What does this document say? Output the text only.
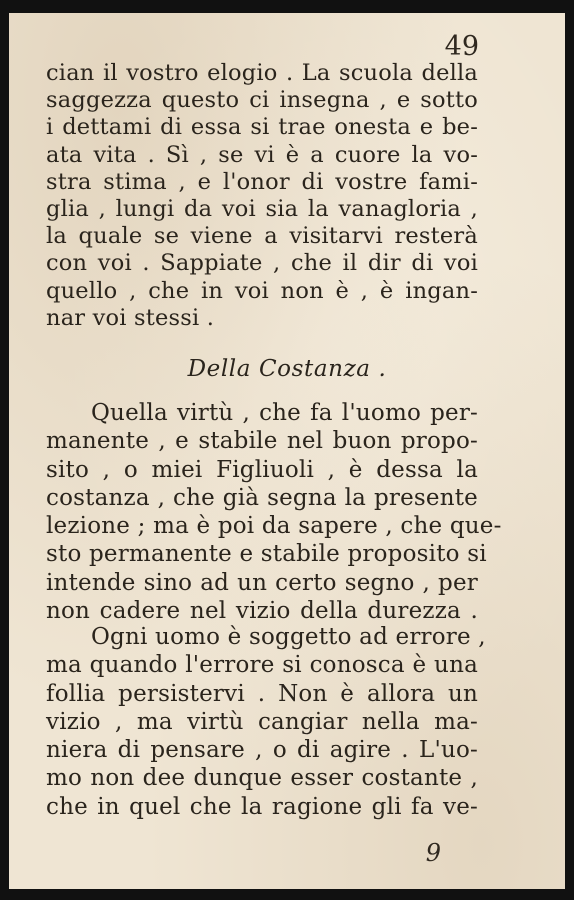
49
cian il vostro elogio . La scuola della
saggezza questo ci insegna , e sotto
i dettami di essa si trae onesta e be-
ata vita . Sì , se vi è a cuore la vo-
stra stima , e l'onor di vostre fami-
glia , lungi da voi sia la vanagloria ,
la quale se viene a visitarvi resterà
con voi . Sappiate , che il dir di voi
quello , che in voi non è , è ingan-
nar voi stessi .
Della Costanza .
Quella virtù , che fa l'uomo per-
manente , e stabile nel buon propo-
sito , o miei Figliuoli , è dessa la
costanza , che già segna la presente
lezione ; ma è poi da sapere , che que-
sto permanente e stabile proposito si
intende sino ad un certo segno , per
non cadere nel vizio della durezza .
Ogni uomo è soggetto ad errore ,
ma quando l'errore si conosca è una
follia persistervi . Non è allora un
vizio , ma virtù cangiar nella ma-
niera di pensare , o di agire . L'uo-
mo non dee dunque esser costante ,
che in quel che la ragione gli fa ve-
9
